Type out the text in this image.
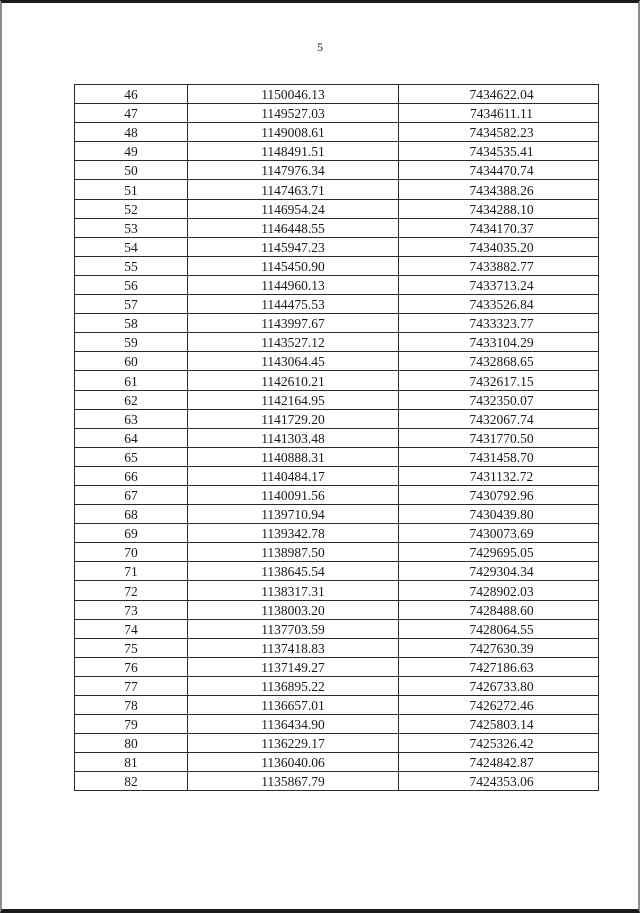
5
46	1150046.13	7434622.04
47	1149527.03	7434611.11
48	1149008.61	7434582.23
49	1148491.51	7434535.41
50	1147976.34	7434470.74
51	1147463.71	7434388.26
52	1146954.24	7434288.10
53	1146448.55	7434170.37
54	1145947.23	7434035.20
55	1145450.90	7433882.77
56	1144960.13	7433713.24
57	1144475.53	7433526.84
58	1143997.67	7433323.77
59	1143527.12	7433104.29
60	1143064.45	7432868.65
61	1142610.21	7432617.15
62	1142164.95	7432350.07
63	1141729.20	7432067.74
64	1141303.48	7431770.50
65	1140888.31	7431458.70
66	1140484.17	7431132.72
67	1140091.56	7430792.96
68	1139710.94	7430439.80
69	1139342.78	7430073.69
70	1138987.50	7429695.05
71	1138645.54	7429304.34
72	1138317.31	7428902.03
73	1138003.20	7428488.60
74	1137703.59	7428064.55
75	1137418.83	7427630.39
76	1137149.27	7427186.63
77	1136895.22	7426733.80
78	1136657.01	7426272.46
79	1136434.90	7425803.14
80	1136229.17	7425326.42
81	1136040.06	7424842.87
82	1135867.79	7424353.06
